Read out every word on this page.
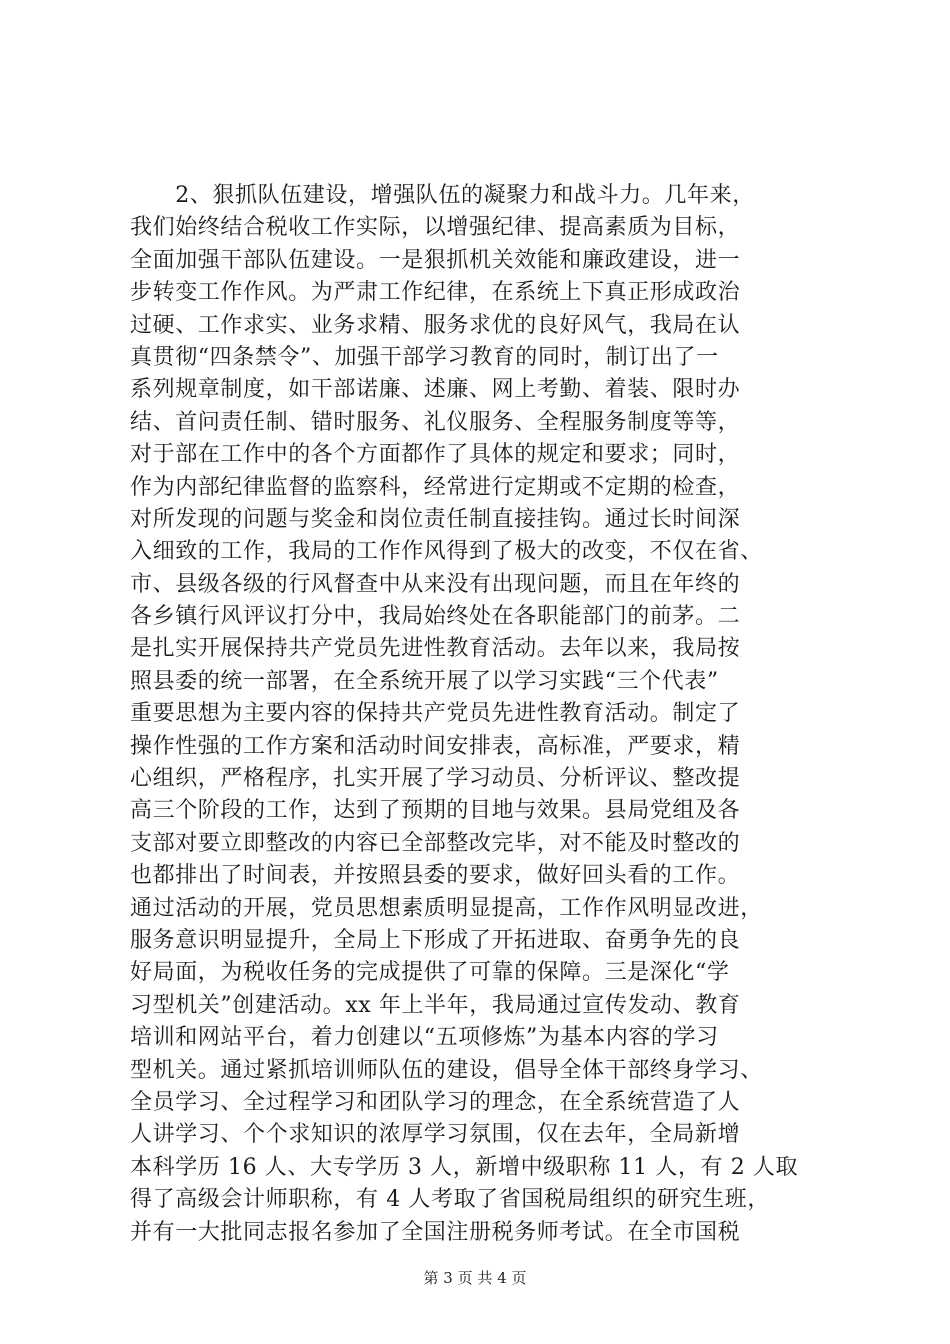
　　2、狠抓队伍建设，增强队伍的凝聚力和战斗力。几年来，
我们始终结合税收工作实际，以增强纪律、提高素质为目标，
全面加强干部队伍建设。一是狠抓机关效能和廉政建设，进一
步转变工作作风。为严肃工作纪律，在系统上下真正形成政治
过硬、工作求实、业务求精、服务求优的良好风气，我局在认
真贯彻“四条禁令”、加强干部学习教育的同时，制订出了一
系列规章制度，如干部诺廉、述廉、网上考勤、着装、限时办
结、首问责任制、错时服务、礼仪服务、全程服务制度等等，
对于部在工作中的各个方面都作了具体的规定和要求；同时，
作为内部纪律监督的监察科，经常进行定期或不定期的检查，
对所发现的问题与奖金和岗位责任制直接挂钩。通过长时间深
入细致的工作，我局的工作作风得到了极大的改变，不仅在省、
市、县级各级的行风督查中从来没有出现问题，而且在年终的
各乡镇行风评议打分中，我局始终处在各职能部门的前茅。二
是扎实开展保持共产党员先进性教育活动。去年以来，我局按
照县委的统一部署，在全系统开展了以学习实践“三个代表”
重要思想为主要内容的保持共产党员先进性教育活动。制定了
操作性强的工作方案和活动时间安排表，高标准，严要求，精
心组织，严格程序，扎实开展了学习动员、分析评议、整改提
高三个阶段的工作，达到了预期的目地与效果。县局党组及各
支部对要立即整改的内容已全部整改完毕，对不能及时整改的
也都排出了时间表，并按照县委的要求，做好回头看的工作。
通过活动的开展，党员思想素质明显提高，工作作风明显改进，
服务意识明显提升，全局上下形成了开拓进取、奋勇争先的良
好局面，为税收任务的完成提供了可靠的保障。三是深化“学
习型机关”创建活动。xx 年上半年，我局通过宣传发动、教育
培训和网站平台，着力创建以“五项修炼”为基本内容的学习
型机关。通过紧抓培训师队伍的建设，倡导全体干部终身学习、
全员学习、全过程学习和团队学习的理念，在全系统营造了人
人讲学习、个个求知识的浓厚学习氛围，仅在去年，全局新增
本科学历 16 人、大专学历 3 人，新增中级职称 11 人，有 2 人取
得了高级会计师职称，有 4 人考取了省国税局组织的研究生班，
并有一大批同志报名参加了全国注册税务师考试。在全市国税
第 3 页 共 4 页
